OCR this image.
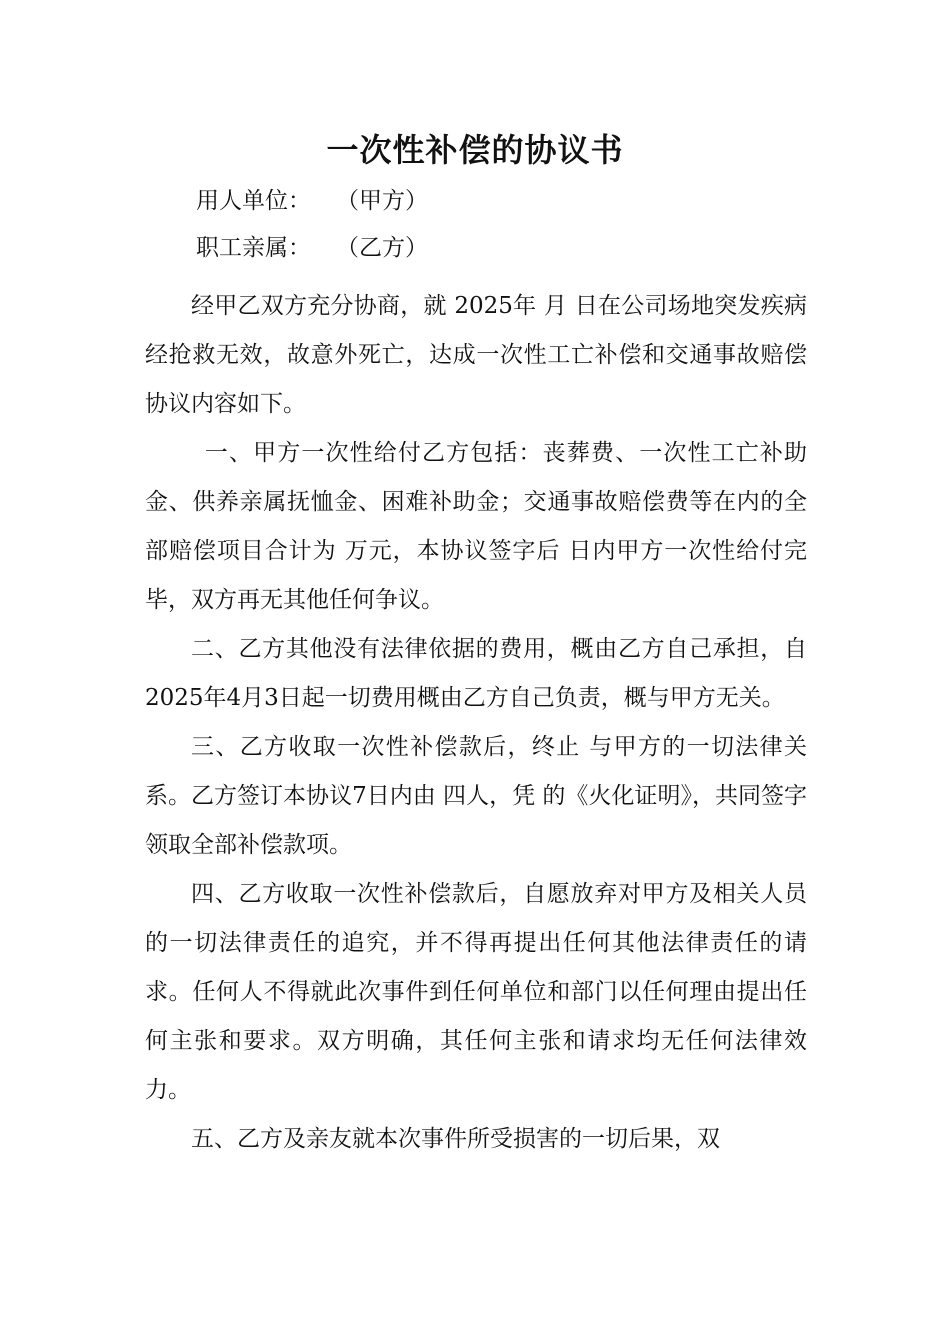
一次性补偿的协议书
用人单位： （甲方）
职工亲属： （乙方）

经甲乙双方充分协商，就 2025年 月 日在公司场地突发疾病经抢救无效，故意外死亡，达成一次性工亡补偿和交通事故赔偿协议内容如下。

一、甲方一次性给付乙方包括：丧葬费、一次性工亡补助金、供养亲属抚恤金、困难补助金；交通事故赔偿费等在内的全部赔偿项目合计为 万元，本协议签字后 日内甲方一次性给付完毕，双方再无其他任何争议。

二、乙方其他没有法律依据的费用，概由乙方自己承担，自2025年4月3日起一切费用概由乙方自己负责，概与甲方无关。

三、乙方收取一次性补偿款后，终止 与甲方的一切法律关系。乙方签订本协议7日内由 四人，凭 的《火化证明》，共同签字领取全部补偿款项。

四、乙方收取一次性补偿款后，自愿放弃对甲方及相关人员的一切法律责任的追究，并不得再提出任何其他法律责任的请求。任何人不得就此次事件到任何单位和部门以任何理由提出任何主张和要求。双方明确，其任何主张和请求均无任何法律效力。

五、乙方及亲友就本次事件所受损害的一切后果，双
